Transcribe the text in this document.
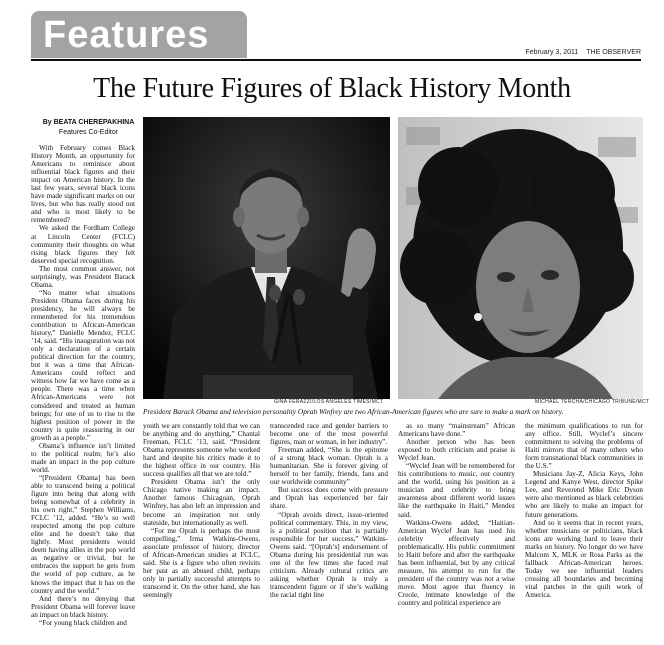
Features	February 3, 2011 THE OBSERVER
The Future Figures of Black History Month
By BEATA CHEREPAKHINA
Features Co-Editor

With February comes Black History Month, an opportunity for Americans to reminisce about influential black figures and their impact on American history. In the last few years, several black icons have made significant marks on our lives, but who has really stood out and who is most likely to be remembered?

We asked the Fordham College at Lincoln Center (FCLC) community their thoughts on what rising black figures they felt deserved special recognition.

The most common answer, not surprisingly, was President Barack Obama.

“No matter what situations President Obama faces during his presidency, he will always be remembered for his tremendous contribution to African-American history,” Danielle Mendez, FCLC ’14, said. “His inauguration was not only a declaration of a certain political direction for the country, but it was a time that African-Americans could reflect and witness how far we have come as a people. There was a time when African-Americans were not considered and treated as human beings; for one of us to rise to the highest position of power in the country is quite reassuring in our growth as a people.”

Obama’s influence isn’t limited to the political realm; he’s also made an impact in the pop culture world.

“[President Obama] has been able to transcend being a political figure into being that along with being somewhat of a celebrity in his own right,” Stephen Williams, FCLC ’12, added. “He’s so well respected among the pop culture elite and he doesn’t take that lightly. Most presidents would deem having allies in the pop world as negative or trivial, but he embraces the support he gets from the world of pop culture, as he knows the impact that it has on the country and the world.”

And there’s no denying that President Obama will forever leave an impact on black history.

“For young black children and

GINA FERAZZI/LOS ANGELES TIMES/MCT	MICHAEL TERCHA/CHICAGO TRIBUNE/MCT
President Barack Obama and television personality Oprah Winfrey are two African-American figures who are sure to make a mark on history.

youth we are constantly told that we can be anything and do anything,” Chantal Freeman, FCLC ’13, said. “President Obama represents someone who worked hard and despite his critics made it to the highest office in our country. His success qualifies all that we are told.”

President Obama isn’t the only Chicago native making an impact. Another famous Chicagoan, Oprah Winfrey, has also left an impression and become an inspiration not only stateside, but internationally as well.

“For me Oprah is perhaps the most compelling,” Irma Watkins-Owens, associate professor of history, director of African-American studies at FCLC, said. She is a figure who often revisits her past as an abused child, perhaps only in partially successful attempts to transcend it. On the other hand, she has seemingly

transcended race and gender barriers to become one of the most powerful figures, man or woman, in her industry”.

Freeman added, “She is the epitome of a strong black woman. Oprah is a humanitarian. She is forever giving of herself to her family, friends, fans and our worldwide community”

But success does come with pressure and Oprah has experienced her fair share.

“Oprah avoids direct, issue-oriented political commentary. This, in my view, is a political position that is partially responsible for her success,” Watkins-Owens said. “[Oprah’s] endorsement of Obama during his presidential run was one of the few times she faced real criticism. Already cultural critics are asking whether Oprah is truly a transcendent figure or if she’s walking the racial tight line

as so many “mainstream” African Americans have done.”

Another person who has been exposed to both criticism and praise is Wyclef Jean.

“Wyclef Jean will be remembered for his contributions to music, our country and the world, using his position as a musician and celebrity to bring awareness about different world issues like the earthquake in Haiti,” Mendez said.

Watkins-Owens added, “Haitian-American Wyclef Jean has used his celebrity effectively and problematically. His public commitment to Haiti before and after the earthquake has been influential, but by any critical measure, his attempt to run for the president of the country was not a wise move. Most agree that fluency in Creole, intimate knowledge of the country and political experience are

the minimum qualifications to run for any office. Still, Wyclef’s sincere commitment to solving the problems of Haiti mirrors that of many others who form transnational black communities in the U.S.”

Musicians Jay-Z, Alicia Keys, John Legend and Kanye West, director Spike Lee, and Reverend Mike Eric Dyson were also mentioned as black celebrities who are likely to make an impact for future generations.

And so it seems that in recent years, whether musicians or politicians, black icons are working hard to leave their marks on history. No longer do we have Malcom X, MLK or Rosa Parks as the fallback African-American heroes. Today we see influential leaders crossing all boundaries and becoming vital patches in the quilt work of America.
